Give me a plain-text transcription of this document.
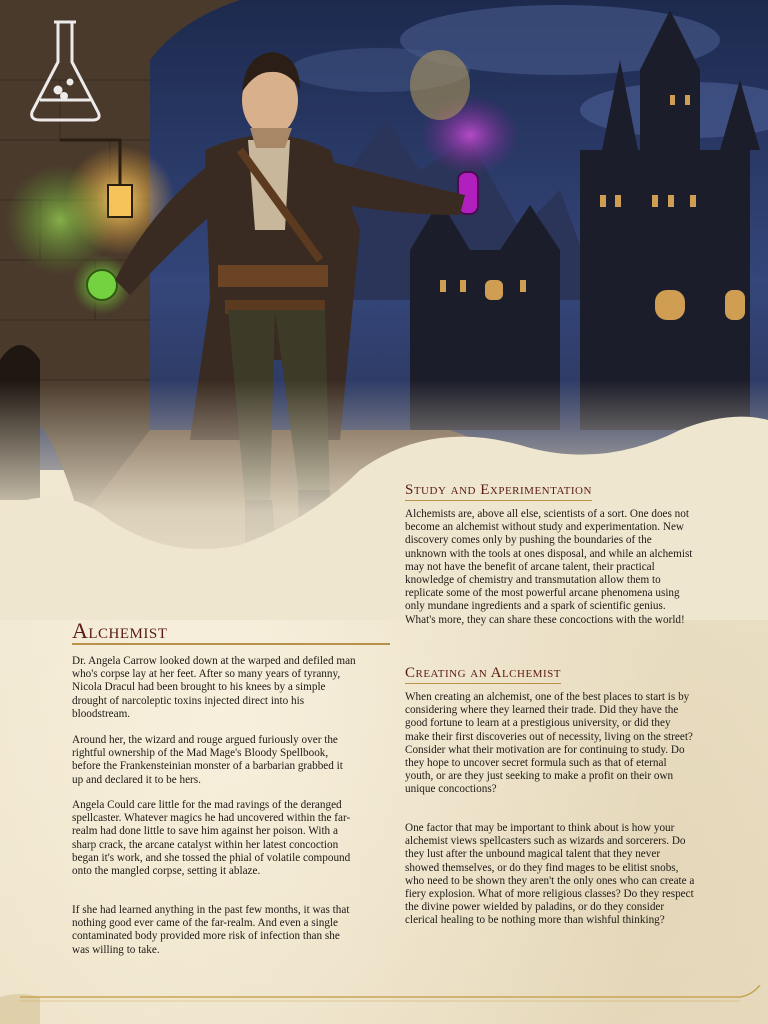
Study and Experimentation

Alchemists are, above all else, scientists of a sort. One does not become an alchemist without study and experimentation. New discovery comes only by pushing the boundaries of the unknown with the tools at ones disposal, and while an alchemist may not have the benefit of arcane talent, their practical knowledge of chemistry and transmutation allow them to replicate some of the most powerful arcane phenomena using only mundane ingredients and a spark of scientific genius. What's more, they can share these concoctions with the world!

Creating an Alchemist

When creating an alchemist, one of the best places to start is by considering where they learned their trade. Did they have the good fortune to learn at a prestigious university, or did they make their first discoveries out of necessity, living on the street? Consider what their motivation are for continuing to study. Do they hope to uncover secret formula such as that of eternal youth, or are they just seeking to make a profit on their own unique concoctions?

One factor that may be important to think about is how your alchemist views spellcasters such as wizards and sorcerers. Do they lust after the unbound magical talent that they never showed themselves, or do they find mages to be elitist snobs, who need to be shown they aren't the only ones who can create a fiery explosion. What of more religious classes? Do they respect the divine power wielded by paladins, or do they consider clerical healing to be nothing more than wishful thinking?

Alchemist

Dr. Angela Carrow looked down at the warped and defiled man who's corpse lay at her feet. After so many years of tyranny, Nicola Dracul had been brought to his knees by a simple drought of narcoleptic toxins injected direct into his bloodstream.

Around her, the wizard and rouge argued furiously over the rightful ownership of the Mad Mage's Bloody Spellbook, before the Frankensteinian monster of a barbarian grabbed it up and declared it to be hers.

Angela Could care little for the mad ravings of the deranged spellcaster. Whatever magics he had uncovered within the far-realm had done little to save him against her poison. With a sharp crack, the arcane catalyst within her latest concoction began it's work, and she tossed the phial of volatile compound onto the mangled corpse, setting it ablaze.

If she had learned anything in the past few months, it was that nothing good ever came of the far-realm. And even a single contaminated body provided more risk of infection than she was willing to take.
